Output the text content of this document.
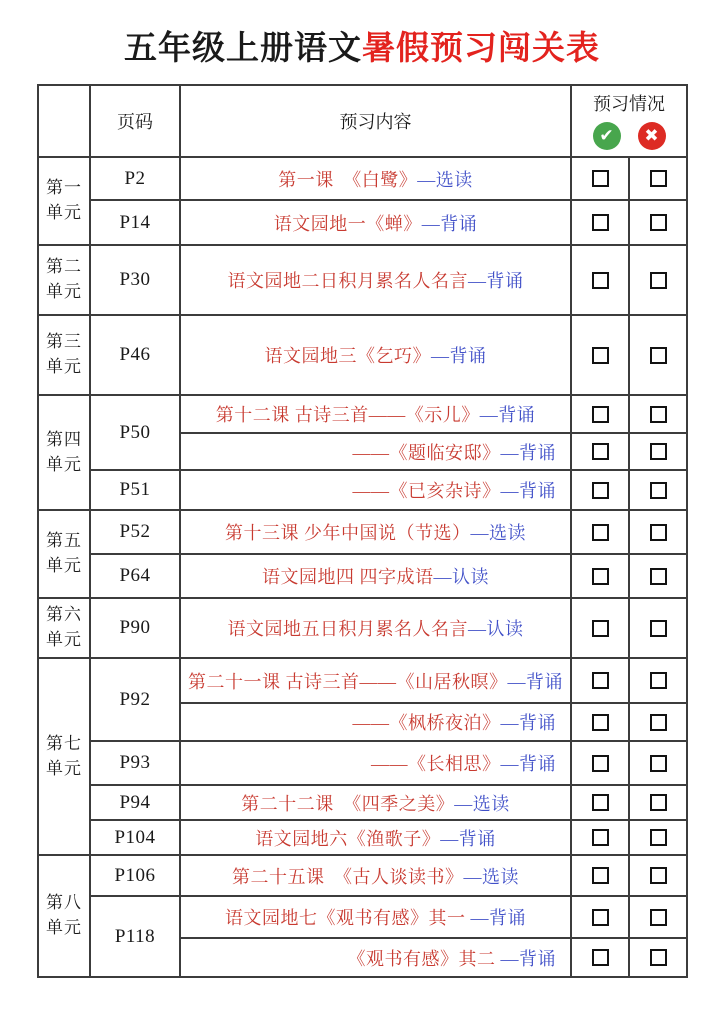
五年级上册语文暑假预习闯关表
	页码	预习内容	预习情况
✔ ✖	

第一
单元	P2	第一课　《白鹭》—选读		
	P14	语文园地一《蝉》—背诵		
第二
单元	P30	语文园地二日积月累名人名言—背诵		
第三
单元	P46	语文园地三《乞巧》—背诵		
第四
单元	P50	第十二课 古诗三首——《示儿》—背诵		
		——《题临安邸》—背诵		
	P51	——《已亥杂诗》—背诵		
第五
单元	P52	第十三课 少年中国说（节选）—选读		
	P64	语文园地四 四字成语—认读		
第六
单元	P90	语文园地五日积月累名人名言—认读		
第七
单元	P92	第二十一课 古诗三首——《山居秋暝》—背诵		
		——《枫桥夜泊》—背诵		
	P93	——《长相思》—背诵		
	P94	第二十二课　《四季之美》—选读		
	P104	语文园地六《渔歌子》—背诵		
第八
单元	P106	第二十五课　《古人谈读书》—选读		
	P118	语文园地七《观书有感》其一 —背诵		
		《观书有感》其二 —背诵		
